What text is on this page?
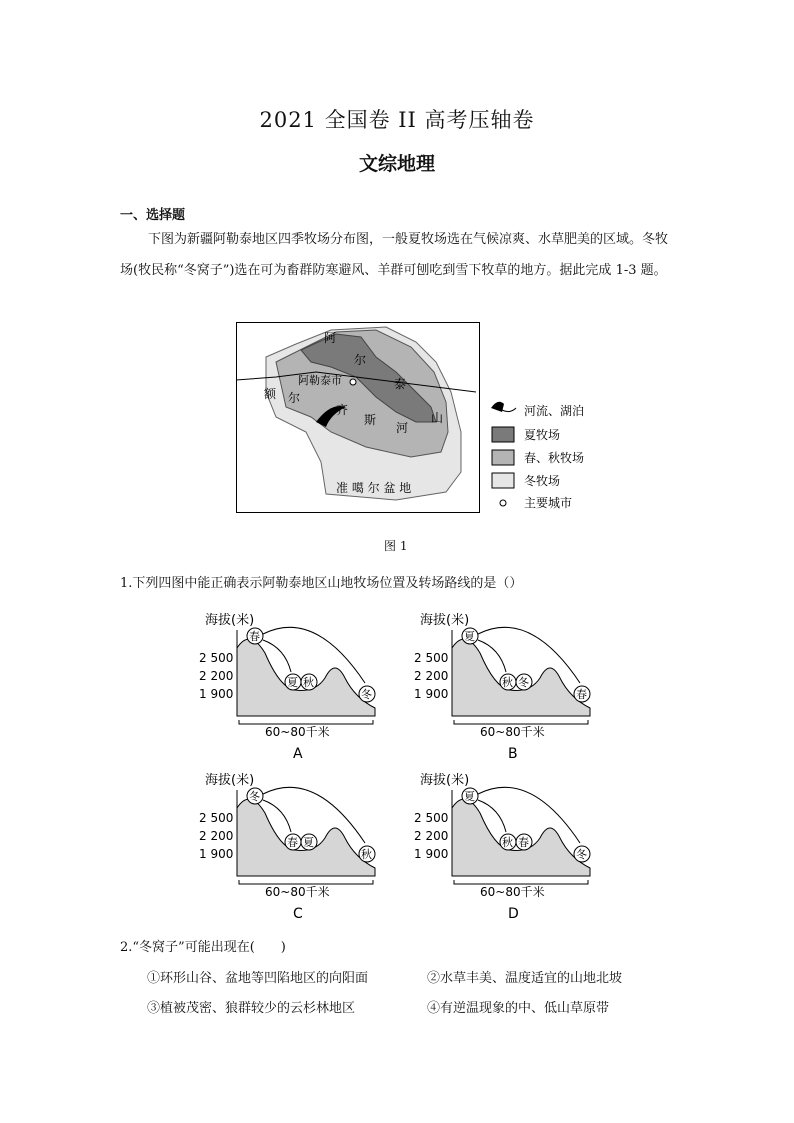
2021 全国卷 II 高考压轴卷
文综地理
一、选择题

下图为新疆阿勒泰地区四季牧场分布图，一般夏牧场选在气候凉爽、水草肥美的区域。冬牧场(牧民称“冬窝子”)选在可为畜群防寒避风、羊群可刨吃到雪下牧草的地方。据此完成 1-3 题。

阿
尔
泰
山
阿勒泰市
额 尔
齐
斯
河
准 噶 尔 盆 地
河流、湖泊
夏牧场
春、秋牧场
冬牧场
主要城市
图 1
1.下列四图中能正确表示阿勒泰地区山地牧场位置及转场路线的是（）
海拔(米)
2 500
2 200
1 900
60~80千米
A
春
夏 秋
冬
海拔(米)
2 500
2 200
1 900
60~80千米
B
夏
秋 冬
春
海拔(米)
2 500
2 200
1 900
60~80千米
C
冬
春 夏
秋
海拔(米)
2 500
2 200
1 900
60~80千米
D
夏
秋 春
冬
2.“冬窝子”可能出现在(　　)
①环形山谷、盆地等凹陷地区的向阳面	②水草丰美、温度适宜的山地北坡
③植被茂密、狼群较少的云杉林地区	④有逆温现象的中、低山草原带
